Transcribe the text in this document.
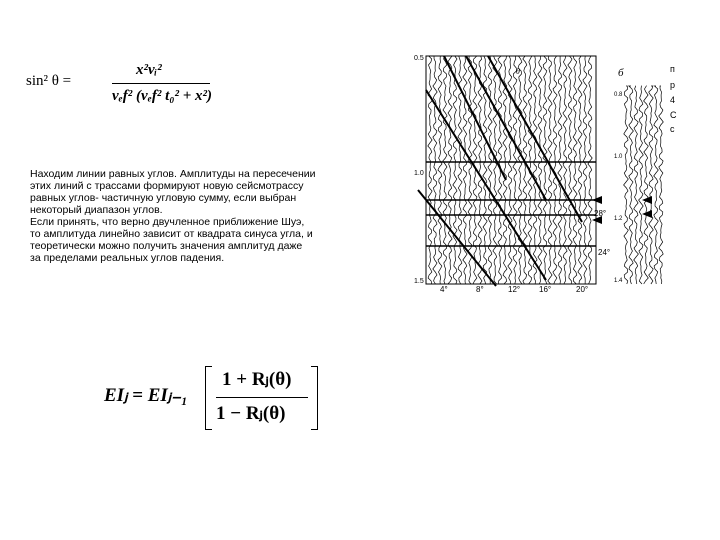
sin² θ =
x²vᵢ²
vₑf² (vₑf² t₀² + x²)
Находим линии равных углов. Амплитуды на пересечении
этих линий с трассами формируют новую сейсмотрассу
равных углов- частичную угловую сумму, если выбран
некоторый диапазон углов.
Если принять, что верно двучленное приближение Шуэ,
то амплитуда линейно зависит от квадрата синуса угла, и
теоретически можно получить значения амплитуд даже
за пределами реальных углов падения.
0.5
1.0
1.5
4°	8°	12° 16°	20°
28°
24°
θ	б
0.8
1.0
1.2
1.4
п
р
4
С
с
EIⱼ = EIⱼ₋₁
1 + Rⱼ(θ)
1 − Rⱼ(θ)
